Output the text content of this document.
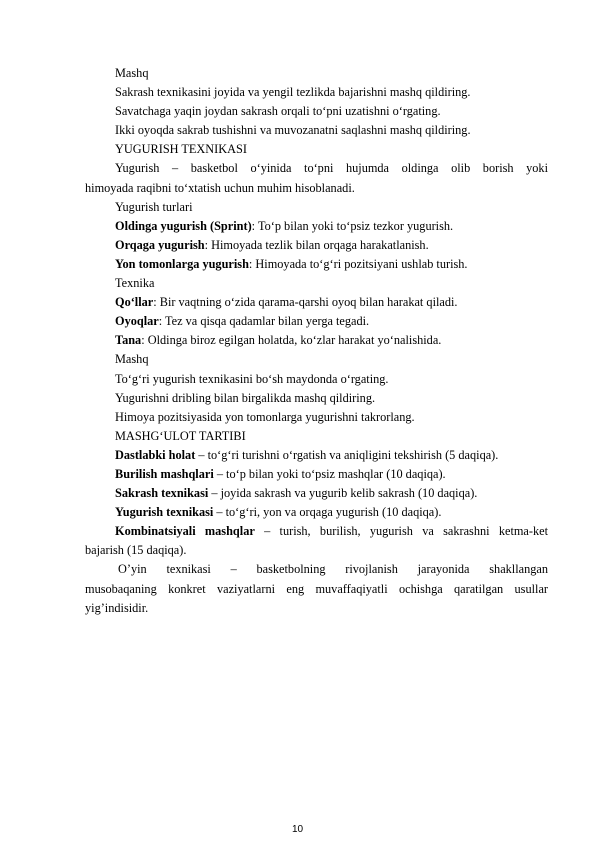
Mashq
Sakrash texnikasini joyida va yengil tezlikda bajarishni mashq qildiring.
Savatchaga yaqin joydan sakrash orqali to‘pni uzatishni o‘rgating.
Ikki oyoqda sakrab tushishni va muvozanatni saqlashni mashq qildiring.
YUGURISH TEXNIKASI
Yugurish – basketbol o‘yinida to‘pni hujumda oldinga olib borish yoki
himoyada raqibni to‘xtatish uchun muhim hisoblanadi.
Yugurish turlari
Oldinga yugurish (Sprint): To‘p bilan yoki to‘psiz tezkor yugurish.
Orqaga yugurish: Himoyada tezlik bilan orqaga harakatlanish.
Yon tomonlarga yugurish: Himoyada to‘g‘ri pozitsiyani ushlab turish.
Texnika
Qo‘llar: Bir vaqtning o‘zida qarama-qarshi oyoq bilan harakat qiladi.
Oyoqlar: Tez va qisqa qadamlar bilan yerga tegadi.
Tana: Oldinga biroz egilgan holatda, ko‘zlar harakat yo‘nalishida.
Mashq
To‘g‘ri yugurish texnikasini bo‘sh maydonda o‘rgating.
Yugurishni dribling bilan birgalikda mashq qildiring.
Himoya pozitsiyasida yon tomonlarga yugurishni takrorlang.
MASHG‘ULOT TARTIBI
Dastlabki holat – to‘g‘ri turishni o‘rgatish va aniqligini tekshirish (5 daqiqa).
Burilish mashqlari – to‘p bilan yoki to‘psiz mashqlar (10 daqiqa).
Sakrash texnikasi – joyida sakrash va yugurib kelib sakrash (10 daqiqa).
Yugurish texnikasi – to‘g‘ri, yon va orqaga yugurish (10 daqiqa).
Kombinatsiyali mashqlar – turish, burilish, yugurish va sakrashni ketma-ket
bajarish (15 daqiqa).
O’yin texnikasi – basketbolning rivojlanish jarayonida shakllangan
musobaqaning konkret vaziyatlarni eng muvaffaqiyatli ochishga qaratilgan usullar
yig’indisidir.
10
